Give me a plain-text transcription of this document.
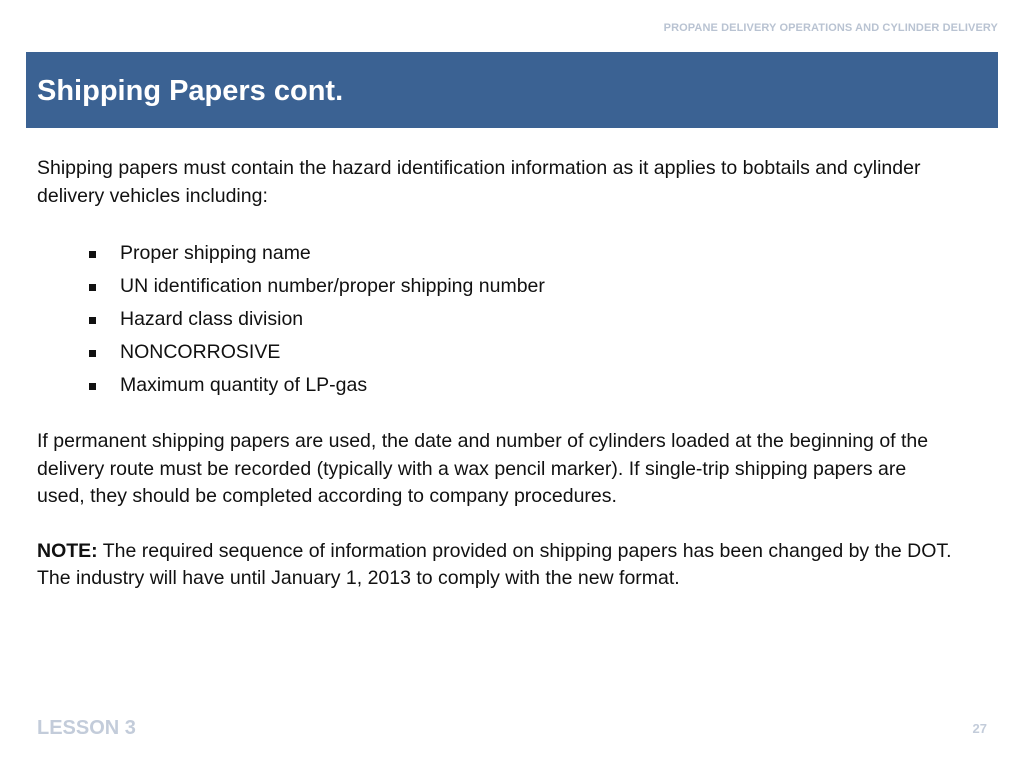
PROPANE DELIVERY OPERATIONS AND CYLINDER DELIVERY
Shipping Papers cont.

Shipping papers must contain the hazard identification information as it applies to bobtails and cylinder delivery vehicles including:

Proper shipping name
UN identification number/proper shipping number
Hazard class division
NONCORROSIVE
Maximum quantity of LP-gas

If permanent shipping papers are used, the date and number of cylinders loaded at the beginning of the delivery route must be recorded (typically with a wax pencil marker). If single-trip shipping papers are used, they should be completed according to company procedures.

NOTE: The required sequence of information provided on shipping papers has been changed by the DOT. The industry will have until January 1, 2013 to comply with the new format.

LESSON 3	27
